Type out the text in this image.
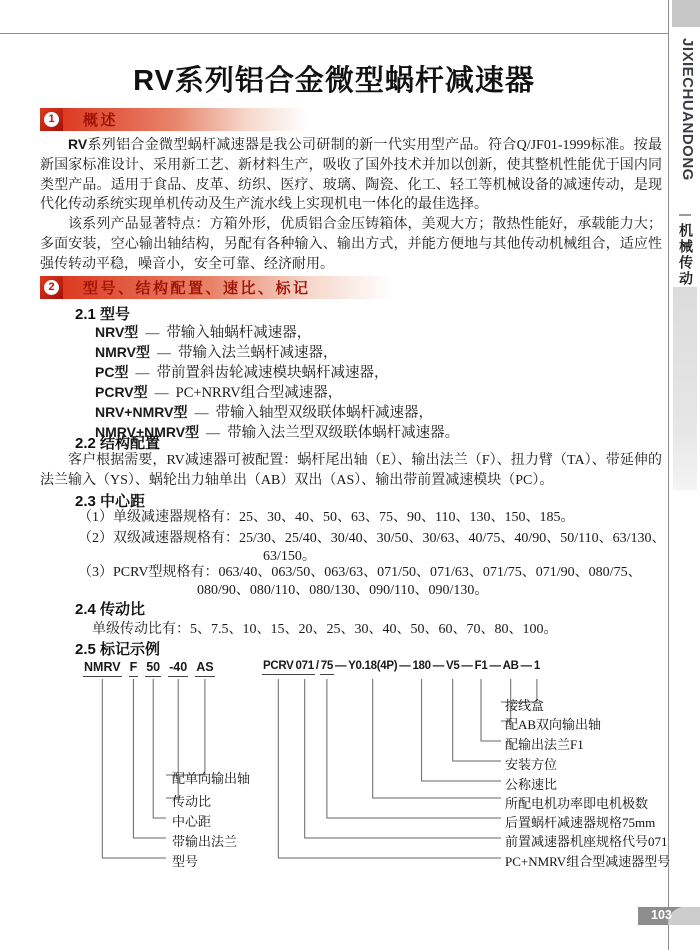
JIXIECHUANDONG
机械传动
103
RV系列铝合金微型蜗杆减速器
1 概述

RV系列铝合金微型蜗杆减速器是我公司研制的新一代实用型产品。符合Q/JF01-1999标准。按最新国家标准设计、采用新工艺、新材料生产，吸收了国外技术并加以创新，使其整机性能优于国内同类型产品。适用于食品、皮革、纺织、医疗、玻璃、陶瓷、化工、轻工等机械设备的减速传动，是现代化传动系统实现单机传动及生产流水线上实现机电一体化的最佳选择。

该系列产品显著特点：方箱外形，优质铝合金压铸箱体，美观大方；散热性能好，承载能力大；多面安装，空心输出轴结构，另配有各种输入、输出方式，并能方便地与其他传动机械组合，适应性强传转动平稳，噪音小，安全可靠、经济耐用。

2 型号、结构配置、速比、标记
2.1 型号
NRV型 — 带输入轴蜗杆减速器，
NMRV型 — 带输入法兰蜗杆减速器，
PC型 — 带前置斜齿轮减速模块蜗杆减速器，
PCRV型 — PC+NRRV组合型减速器，
NRV+NMRV型 — 带输入轴型双级联体蜗杆减速器，
NMRV+NMRV型 — 带输入法兰型双级联体蜗杆减速器。
2.2 结构配置

客户根据需要，RV减速器可被配置：蜗杆尾出轴（E）、输出法兰（F）、扭力臂（TA）、带延伸的法兰输入（YS）、蜗轮出力轴单出（AB）双出（AS）、输出带前置减速模块（PC）。

2.3 中心距
（1）单级减速器规格有：25、30、40、50、63、75、90、110、130、150、185。
（2）双级减速器规格有：25/30、25/40、30/40、30/50、30/63、40/75、40/90、50/110、63/130、
63/150。
（3）PCRV型规格有：063/40、063/50、063/63、071/50、071/63、071/75、071/90、080/75、
080/90、080/110、080/130、090/110、090/130。
2.4 传动比
单级传动比有：5、7.5、10、15、20、25、30、40、50、60、70、80、100。
2.5 标记示例
NMRV F 50 -40 AS	PCRV 071 / 75 — Y0.18(4P) — 180 — V5 — F1 — AB — 1
配单向输出轴
传动比
中心距
带输出法兰
型号
接线盒
配AB双向输出轴
配输出法兰F1
安装方位
公称速比
所配电机功率即电机极数
后置蜗杆减速器规格75mm
前置减速器机座规格代号071
PC+NMRV组合型减速器型号
